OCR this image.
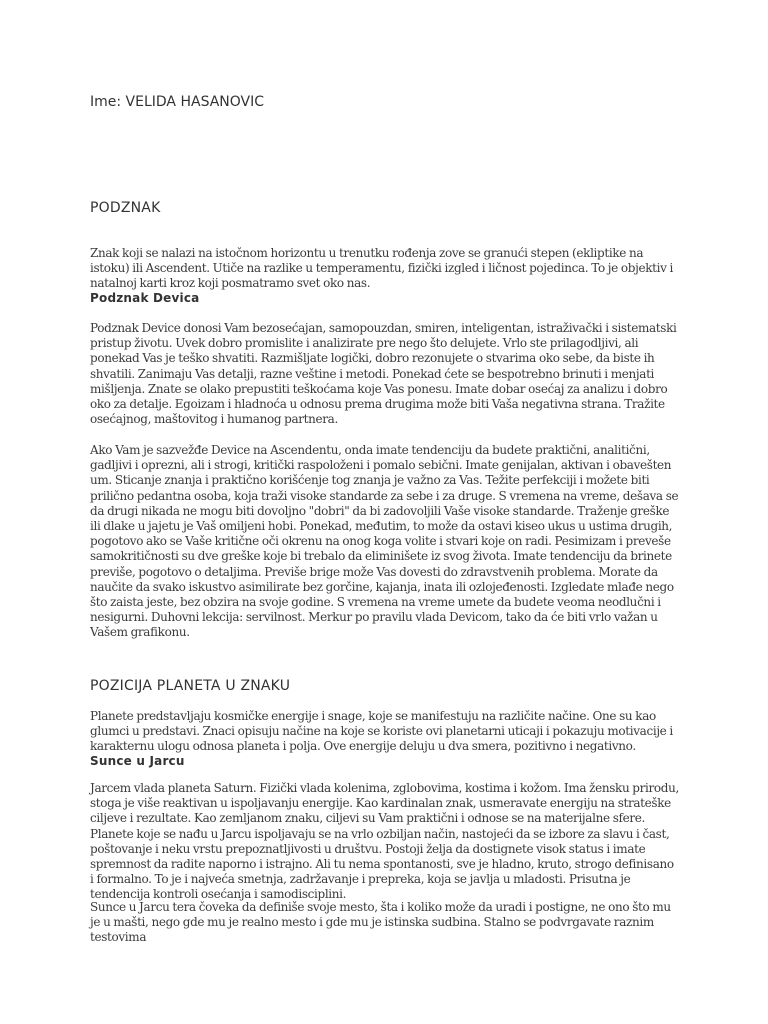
Ime: VELIDA HASANOVIC
PODZNAK

Znak koji se nalazi na istočnom horizontu u trenutku rođenja zove se granući stepen (ekliptike na istoku) ili Ascendent. Utiče na razlike u temperamentu, fizički izgled i ličnost pojedinca. To je objektiv i natalnoj karti kroz koji posmatramo svet oko nas.

Podznak Devica

Podznak Device donosi Vam bezosećajan, samopouzdan, smiren, inteligentan, istraživački i sistematski pristup životu. Uvek dobro promislite i analizirate pre nego što delujete. Vrlo ste prilagodljivi, ali ponekad Vas je teško shvatiti. Razmišljate logički, dobro rezonujete o stvarima oko sebe, da biste ih shvatili. Zanimaju Vas detalji, razne veštine i metodi. Ponekad ćete se bespotrebno brinuti i menjati mišljenja. Znate se olako prepustiti teškoćama koje Vas ponesu. Imate dobar osećaj za analizu i dobro oko za detalje. Egoizam i hladnoća u odnosu prema drugima može biti Vaša negativna strana. Tražite osećajnog, maštovitog i humanog partnera.

Ako Vam je sazvežđe Device na Ascendentu, onda imate tendenciju da budete praktični, analitični, gadljivi i oprezni, ali i strogi, kritički raspoloženi i pomalo sebični. Imate genijalan, aktivan i obavešten um. Sticanje znanja i praktično korišćenje tog znanja je važno za Vas. Težite perfekciji i možete biti prilično pedantna osoba, koja traži visoke standarde za sebe i za druge. S vremena na vreme, dešava se da drugi nikada ne mogu biti dovoljno "dobri" da bi zadovoljili Vaše visoke standarde. Traženje greške ili dlake u jajetu je Vaš omiljeni hobi. Ponekad, međutim, to može da ostavi kiseo ukus u ustima drugih, pogotovo ako se Vaše kritične oči okrenu na onog koga volite i stvari koje on radi. Pesimizam i preveše samokritičnosti su dve greške koje bi trebalo da eliminišete iz svog života. Imate tendenciju da brinete previše, pogotovo o detaljima. Previše brige može Vas dovesti do zdravstvenih problema. Morate da naučite da svako iskustvo asimilirate bez gorčine, kajanja, inata ili ozlojeđenosti. Izgledate mlađe nego što zaista jeste, bez obzira na svoje godine. S vremena na vreme umete da budete veoma neodlučni i nesigurni. Duhovni lekcija: servilnost. Merkur po pravilu vlada Devicom, tako da će biti vrlo važan u Vašem grafikonu.

POZICIJA PLANETA U ZNAKU

Planete predstavljaju kosmičke energije i snage, koje se manifestuju na različite načine. One su kao glumci u predstavi. Znaci opisuju načine na koje se koriste ovi planetarni uticaji i pokazuju motivacije i karakternu ulogu odnosa planeta i polja. Ove energije deluju u dva smera, pozitivno i negativno.

Sunce u Jarcu

Jarcem vlada planeta Saturn. Fizički vlada kolenima, zglobovima, kostima i kožom. Ima žensku prirodu, stoga je više reaktivan u ispoljavanju energije. Kao kardinalan znak, usmeravate energiju na strateške ciljeve i rezultate. Kao zemljanom znaku, ciljevi su Vam praktični i odnose se na materijalne sfere. Planete koje se nađu u Jarcu ispoljavaju se na vrlo ozbiljan način, nastojeći da se izbore za slavu i čast, poštovanje i neku vrstu prepoznatljivosti u društvu. Postoji želja da dostignete visok status i imate spremnost da radite naporno i istrajno. Ali tu nema spontanosti, sve je hladno, kruto, strogo definisano i formalno. To je i najveća smetnja, zadržavanje i prepreka, koja se javlja u mladosti. Prisutna je tendencija kontroli osećanja i samodisciplini.

Sunce u Jarcu tera čoveka da definiše svoje mesto, šta i koliko može da uradi i postigne, ne ono što mu je u mašti, nego gde mu je realno mesto i gde mu je istinska sudbina. Stalno se podvrgavate raznim testovima
